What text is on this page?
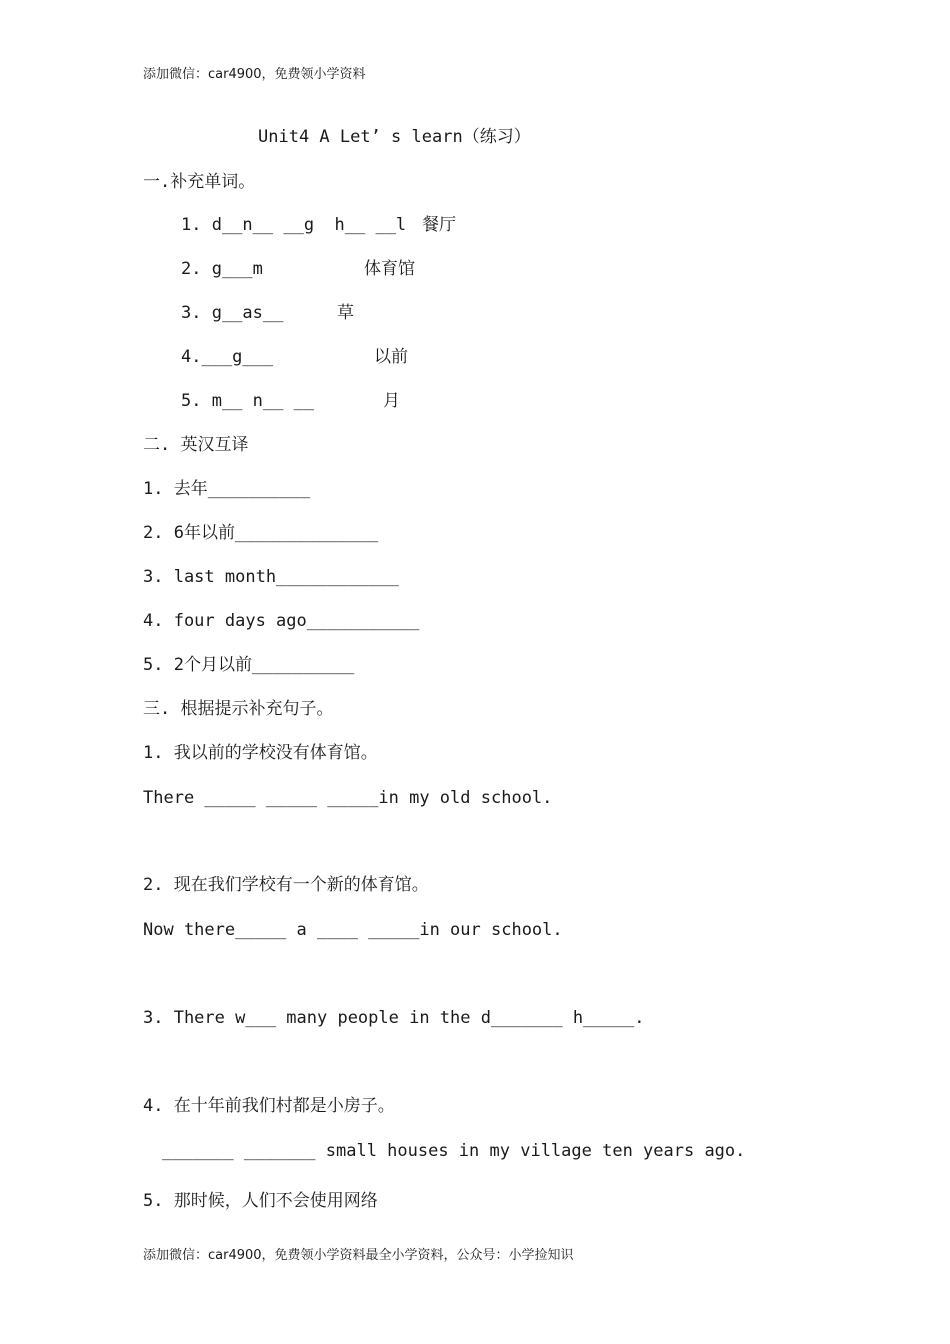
添加微信：car4900，免费领小学资料
Unit4 A Let’ s learn（练习）
一.补充单词。
1. d__n__ __g  h__ __l 餐厅
2. g___m	体育馆
3. g__as__	草
4.___g___	以前
5. m__ n__ __	月
二. 英汉互译
1. 去年__________
2. 6年以前______________
3. last month____________
4. four days ago___________
5. 2个月以前__________
三. 根据提示补充句子。
1. 我以前的学校没有体育馆。
There _____ _____ _____in my old school.
2. 现在我们学校有一个新的体育馆。
Now there_____ a ____ _____in our school.
3. There w___ many people in the d_______ h_____.
4. 在十年前我们村都是小房子。
_______ _______ small houses in my village ten years ago.
5. 那时候，人们不会使用网络
添加微信：car4900，免费领小学资料最全小学资料，公众号：小学捡知识
